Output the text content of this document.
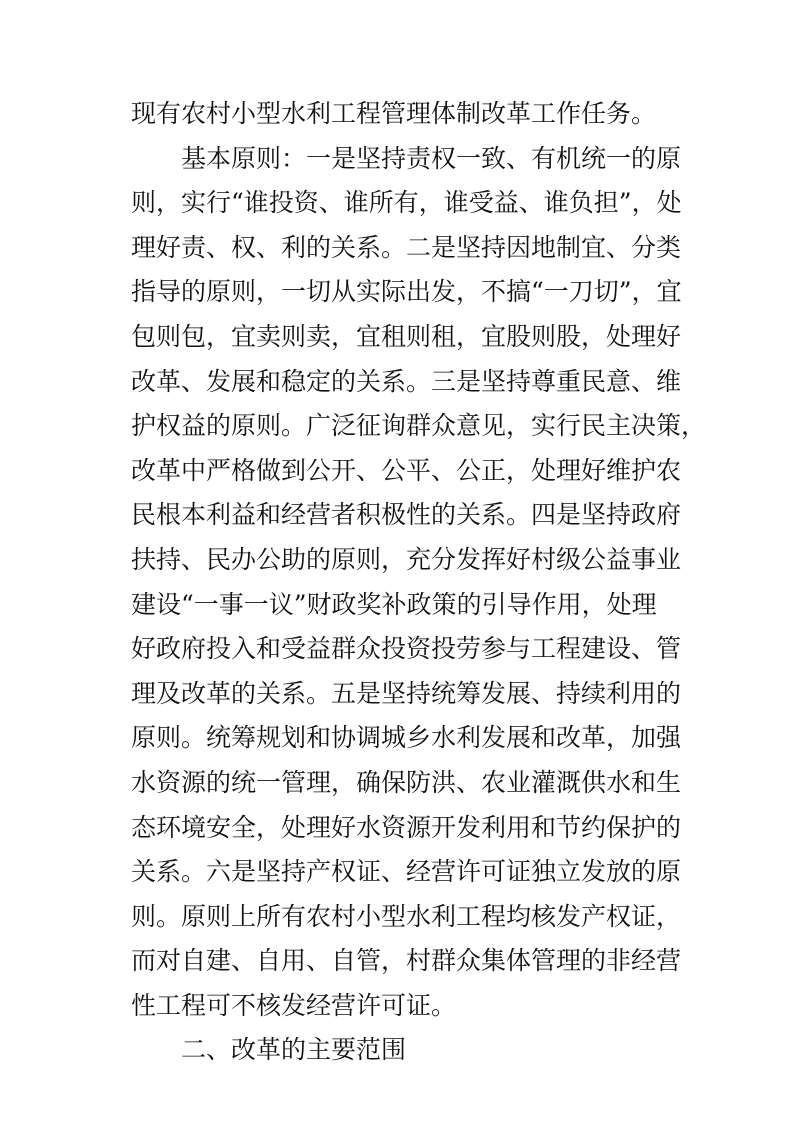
现有农村小型水利工程管理体制改革工作任务。
基本原则：一是坚持责权一致、有机统一的原
则，实行“谁投资、谁所有，谁受益、谁负担”，处
理好责、权、利的关系。二是坚持因地制宜、分类
指导的原则，一切从实际出发，不搞“一刀切”，宜
包则包，宜卖则卖，宜租则租，宜股则股，处理好
改革、发展和稳定的关系。三是坚持尊重民意、维
护权益的原则。广泛征询群众意见，实行民主决策，
改革中严格做到公开、公平、公正，处理好维护农
民根本利益和经营者积极性的关系。四是坚持政府
扶持、民办公助的原则，充分发挥好村级公益事业
建设“一事一议”财政奖补政策的引导作用，处理
好政府投入和受益群众投资投劳参与工程建设、管
理及改革的关系。五是坚持统筹发展、持续利用的
原则。统筹规划和协调城乡水利发展和改革，加强
水资源的统一管理，确保防洪、农业灌溉供水和生
态环境安全，处理好水资源开发利用和节约保护的
关系。六是坚持产权证、经营许可证独立发放的原
则。原则上所有农村小型水利工程均核发产权证，
而对自建、自用、自管，村群众集体管理的非经营
性工程可不核发经营许可证。
二、改革的主要范围
